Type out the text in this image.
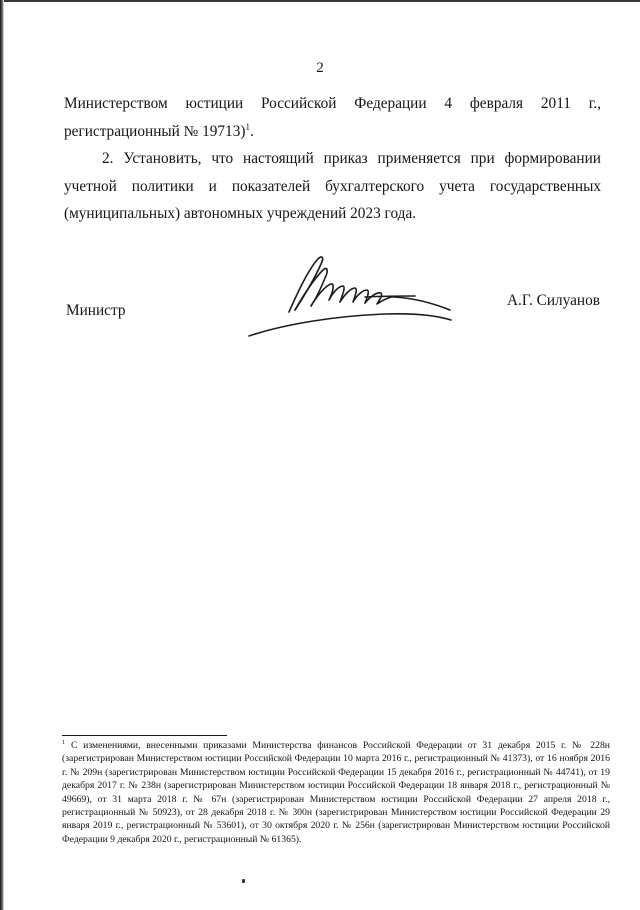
2
Министерством юстиции Российской Федерации 4 февраля 2011 г., регистрационный № 19713)$^1$.
2. Установить, что настоящий приказ применяется при формировании учетной политики и показателей бухгалтерского учета государственных (муниципальных) автономных учреждений 2023 года.
Министр
А.Г. Силуанов
$^1$ С изменениями, внесенными приказами Министерства финансов Российской Федерации от 31 декабря 2015 г. № 228н (зарегистрирован Министерством юстиции Российской Федерации 10 марта 2016 г., регистрационный № 41373), от 16 ноября 2016 г. № 209н (зарегистрирован Министерством юстиции Российской Федерации 15 декабря 2016 г., регистрационный № 44741), от 19 декабря 2017 г. № 238н (зарегистрирован Министерством юстиции Российской Федерации 18 января 2018 г., регистрационный № 49669), от 31 марта 2018 г. № 67н (зарегистрирован Министерством юстиции Российской Федерации 27 апреля 2018 г., регистрационный № 50923), от 28 декабря 2018 г. № 300н (зарегистрирован Министерством юстиции Российской Федерации 29 января 2019 г., регистрационный № 53601), от 30 октября 2020 г. № 256н (зарегистрирован Министерством юстиции Российской Федерации 9 декабря 2020 г., регистрационный № 61365).
